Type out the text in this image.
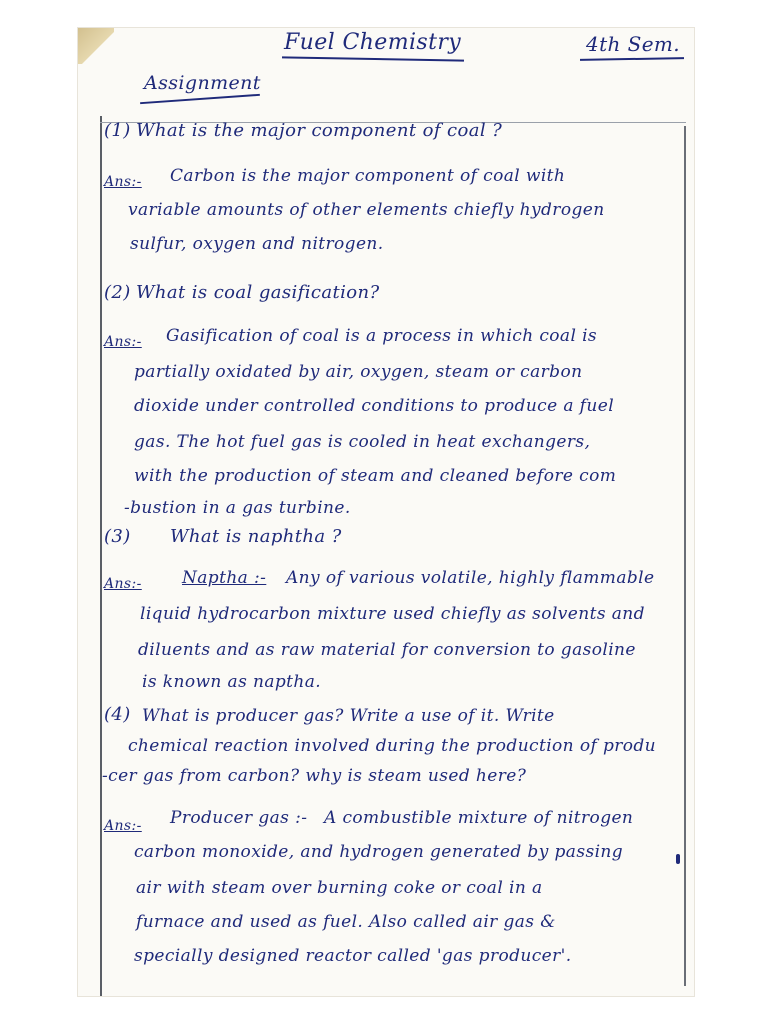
Fuel Chemistry	4th Sem.
Assignment
(1) What is the major component of coal ?
Ans:- Carbon is the major component of coal with
variable amounts of other elements chiefly hydrogen
sulfur, oxygen and nitrogen.
(2) What is coal gasification?
Ans:- Gasification of coal is a process in which coal is
partially oxidated by air, oxygen, steam or carbon
dioxide under controlled conditions to produce a fuel
gas. The hot fuel gas is cooled in heat exchangers,
with the production of steam and cleaned before com
-bustion in a gas turbine.
(3) What is naphtha ?
Ans:- Naptha :- Any of various volatile, highly flammable
liquid hydrocarbon mixture used chiefly as solvents and
diluents and as raw material for conversion to gasoline
is known as naptha.
(4) What is producer gas? Write a use of it. Write
chemical reaction involved during the production of produ
-cer gas from carbon? why is steam used here?
Ans:- Producer gas :- A combustible mixture of nitrogen
carbon monoxide, and hydrogen generated by passing
air with steam over burning coke or coal in a
furnace and used as fuel. Also called air gas &
specially designed reactor called 'gas producer'.
